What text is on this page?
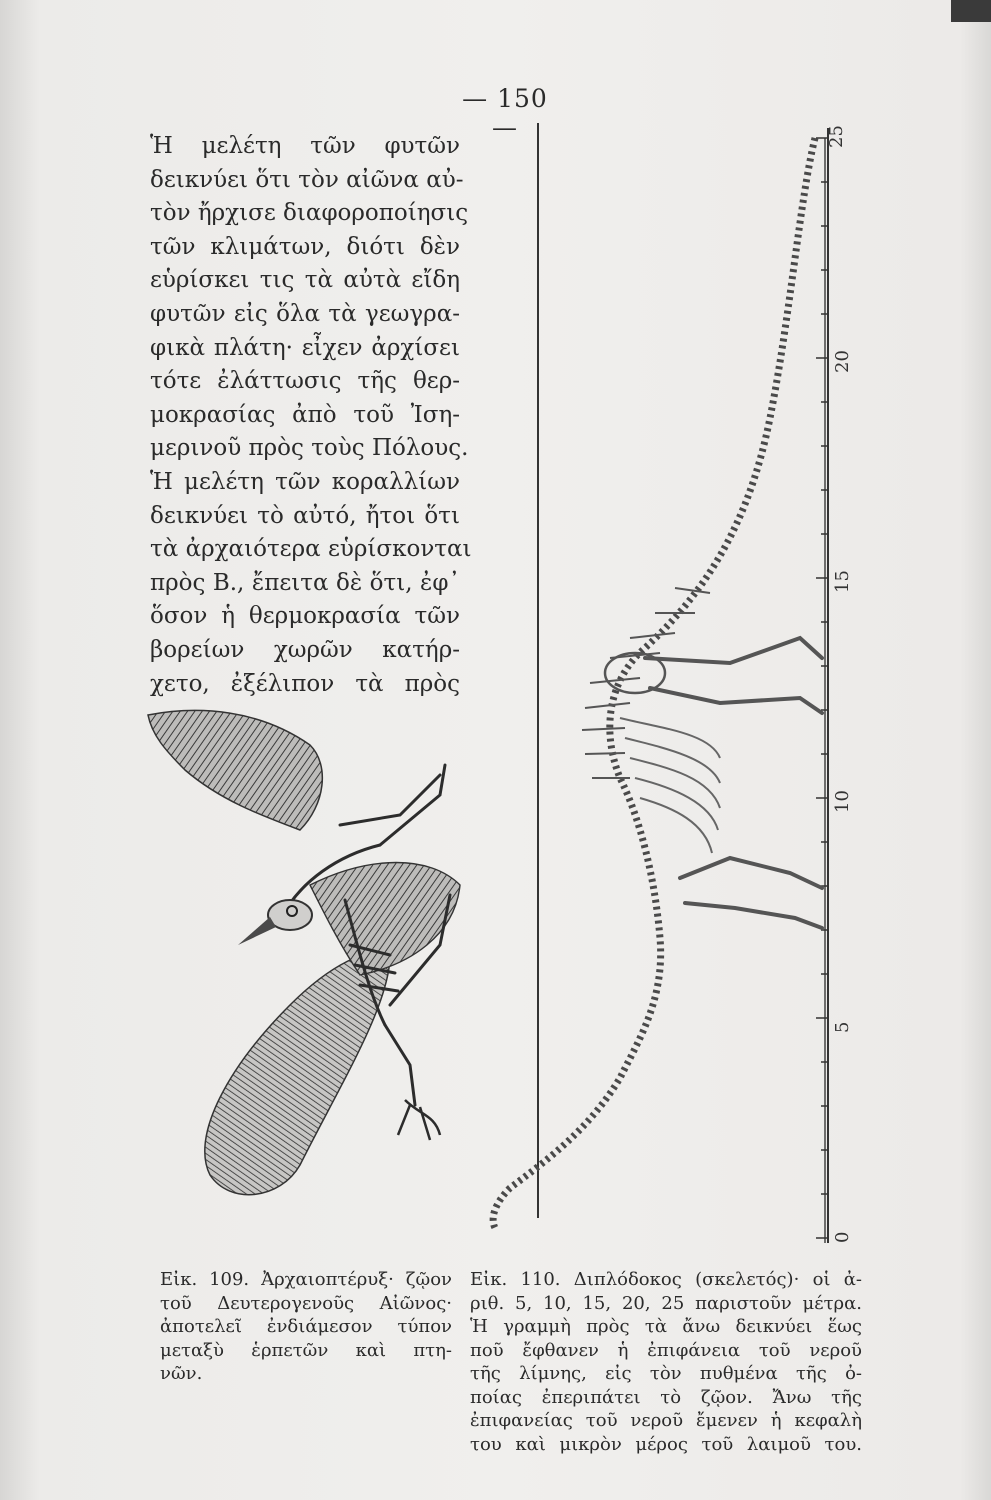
— 150 —
Ἡ μελέτη τῶν φυτῶν
δεικνύει ὅτι τὸν αἰῶνα αὐ-
τὸν ἤρχισε διαφοροποίησις
τῶν κλιμάτων, διότι δὲν
εὑρίσκει τις τὰ αὐτὰ εἴδη
φυτῶν εἰς ὅλα τὰ γεωγρα-
φικὰ πλάτη· εἶχεν ἀρχίσει
τότε ἐλάττωσις τῆς θερ-
μοκρασίας ἀπὸ τοῦ Ἰση-
μερινοῦ πρὸς τοὺς Πόλους.
Ἡ μελέτη τῶν κοραλλίων
δεικνύει τὸ αὐτό, ἤτοι ὅτι
τὰ ἀρχαιότερα εὑρίσκονται
πρὸς Β., ἔπειτα δὲ ὅτι, ἐφ᾽
ὅσον ἡ θερμοκρασία τῶν
βορείων χωρῶν κατήρ-
χετο, ἐξέλιπον τὰ πρὸς
25
20
15
10
5
0
Εἰκ. 109. Ἀρχαιοπτέρυξ· ζῷον
τοῦ Δευτερογενοῦς Αἰῶνος·
ἀποτελεῖ ἐνδιάμεσον τύπον
μεταξὺ ἑρπετῶν καὶ πτη-
νῶν.
Εἰκ. 110. Διπλόδοκος (σκελετός)· οἱ ἀ-
ριθ. 5, 10, 15, 20, 25 παριστοῦν μέτρα.
Ἡ γραμμὴ πρὸς τὰ ἄνω δεικνύει ἕως
ποῦ ἔφθανεν ἡ ἐπιφάνεια τοῦ νεροῦ
τῆς λίμνης, εἰς τὸν πυθμένα τῆς ὀ-
ποίας ἐπεριπάτει τὸ ζῷον. Ἄνω τῆς
ἐπιφανείας τοῦ νεροῦ ἔμενεν ἡ κεφαλὴ
του καὶ μικρὸν μέρος τοῦ λαιμοῦ του.
